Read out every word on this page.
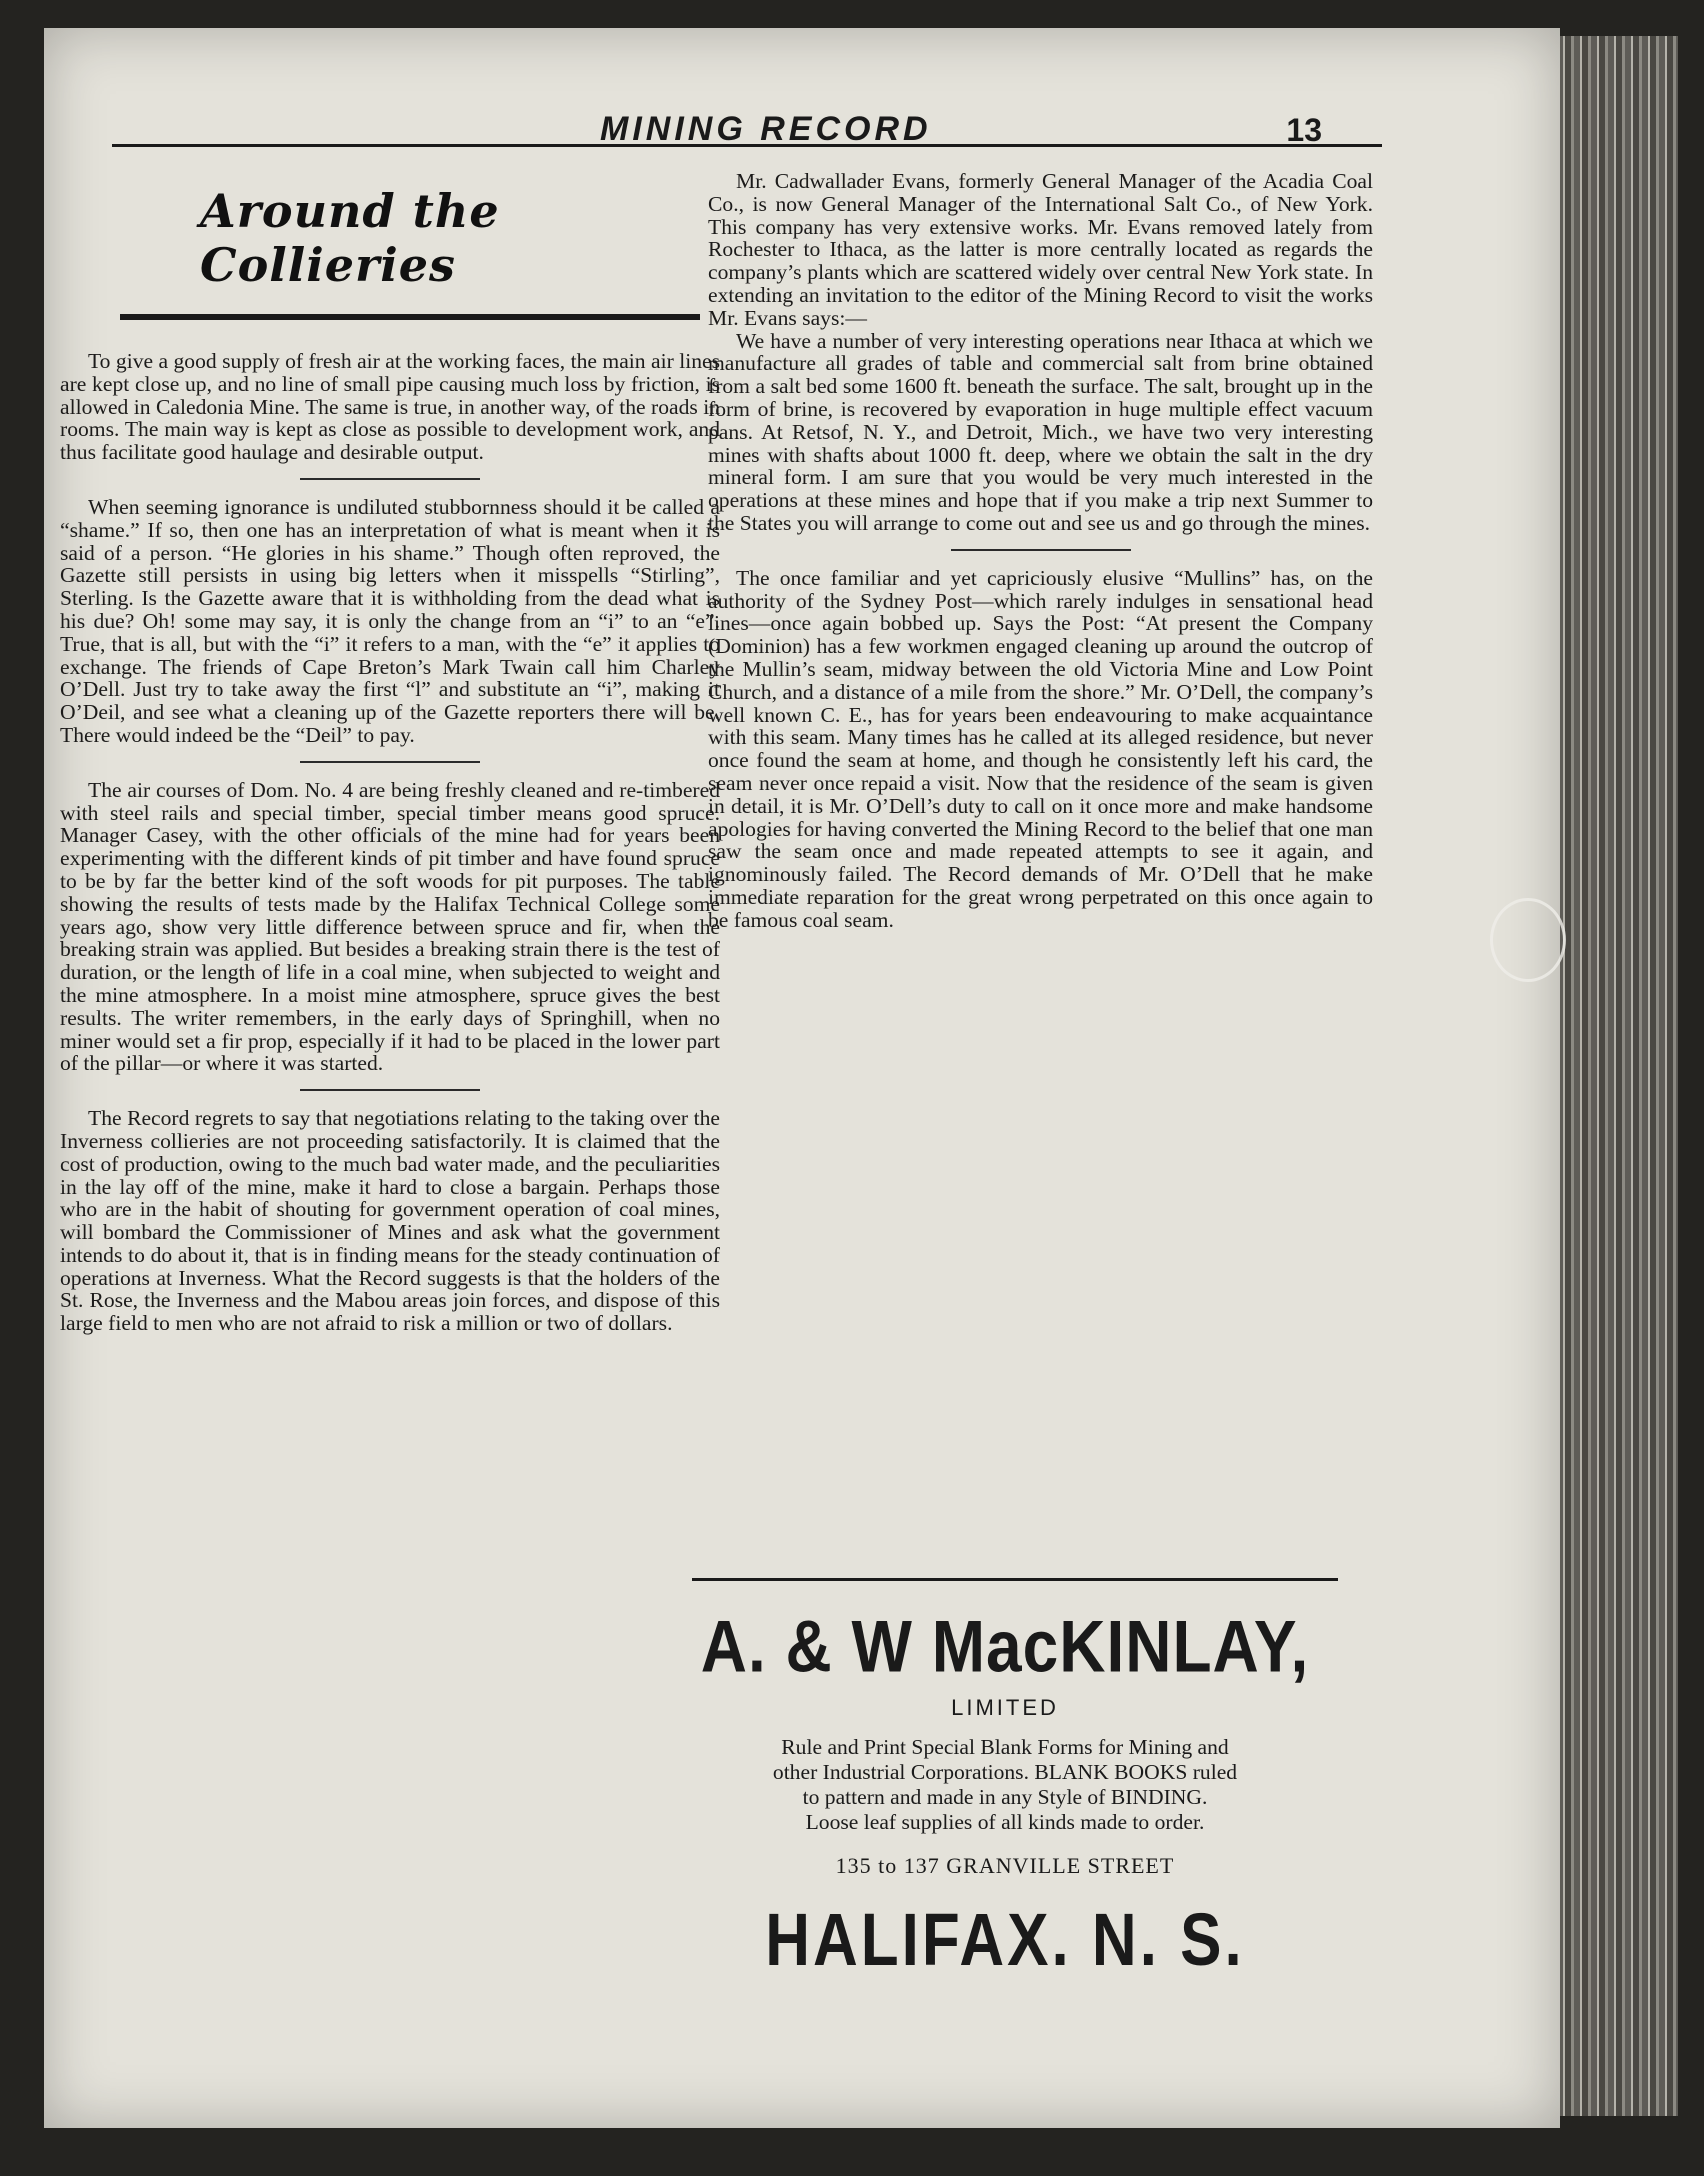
MINING RECORD	13
Around the Collieries

To give a good supply of fresh air at the working faces, the main air lines are kept close up, and no line of small pipe causing much loss by friction, is allowed in Caledonia Mine. The same is true, in another way, of the roads in rooms. The main way is kept as close as possible to development work, and thus facilitate good haulage and desirable output.

When seeming ignorance is undiluted stubbornness should it be called a “shame.” If so, then one has an interpretation of what is meant when it is said of a person. “He glories in his shame.” Though often reproved, the Gazette still persists in using big letters when it misspells “Stirling”, Sterling. Is the Gazette aware that it is withholding from the dead what is his due? Oh! some may say, it is only the change from an “i” to an “e”. True, that is all, but with the “i” it refers to a man, with the “e” it applies to exchange. The friends of Cape Breton’s Mark Twain call him Charley O’Dell. Just try to take away the first “l” and substitute an “i”, making it O’Deil, and see what a cleaning up of the Gazette reporters there will be. There would indeed be the “Deil” to pay.

The air courses of Dom. No. 4 are being freshly cleaned and re-timbered with steel rails and special timber, special timber means good spruce. Manager Casey, with the other officials of the mine had for years been experimenting with the different kinds of pit timber and have found spruce to be by far the better kind of the soft woods for pit purposes. The table showing the results of tests made by the Halifax Technical College some years ago, show very little difference between spruce and fir, when the breaking strain was applied. But besides a breaking strain there is the test of duration, or the length of life in a coal mine, when subjected to weight and the mine atmosphere. In a moist mine atmosphere, spruce gives the best results. The writer remembers, in the early days of Springhill, when no miner would set a fir prop, especially if it had to be placed in the lower part of the pillar—or where it was started.

The Record regrets to say that negotiations relating to the taking over the Inverness collieries are not proceeding satisfactorily. It is claimed that the cost of production, owing to the much bad water made, and the peculiarities in the lay off of the mine, make it hard to close a bargain. Perhaps those who are in the habit of shouting for government operation of coal mines, will bombard the Commissioner of Mines and ask what the government intends to do about it, that is in finding means for the steady continuation of operations at Inverness. What the Record suggests is that the holders of the St. Rose, the Inverness and the Mabou areas join forces, and dispose of this large field to men who are not afraid to risk a million or two of dollars.

Mr. Cadwallader Evans, formerly General Manager of the Acadia Coal Co., is now General Manager of the International Salt Co., of New York. This company has very extensive works. Mr. Evans removed lately from Rochester to Ithaca, as the latter is more centrally located as regards the company’s plants which are scattered widely over central New York state. In extending an invitation to the editor of the Mining Record to visit the works Mr. Evans says:—

We have a number of very interesting operations near Ithaca at which we manufacture all grades of table and commercial salt from brine obtained from a salt bed some 1600 ft. beneath the surface. The salt, brought up in the form of brine, is recovered by evaporation in huge multiple effect vacuum pans. At Retsof, N. Y., and Detroit, Mich., we have two very interesting mines with shafts about 1000 ft. deep, where we obtain the salt in the dry mineral form. I am sure that you would be very much interested in the operations at these mines and hope that if you make a trip next Summer to the States you will arrange to come out and see us and go through the mines.

The once familiar and yet capriciously elusive “Mullins” has, on the authority of the Sydney Post—which rarely indulges in sensational head lines—once again bobbed up. Says the Post: “At present the Company (Dominion) has a few workmen engaged cleaning up around the outcrop of the Mullin’s seam, midway between the old Victoria Mine and Low Point Church, and a distance of a mile from the shore.” Mr. O’Dell, the company’s well known C. E., has for years been endeavouring to make acquaintance with this seam. Many times has he called at its alleged residence, but never once found the seam at home, and though he consistently left his card, the seam never once repaid a visit. Now that the residence of the seam is given in detail, it is Mr. O’Dell’s duty to call on it once more and make handsome apologies for having converted the Mining Record to the belief that one man saw the seam once and made repeated attempts to see it again, and ignominously failed. The Record demands of Mr. O’Dell that he make immediate reparation for the great wrong perpetrated on this once again to be famous coal seam.

A. & W MacKINLAY,
LIMITED
Rule and Print Special Blank Forms for Mining and
other Industrial Corporations. BLANK BOOKS ruled
to pattern and made in any Style of BINDING.
Loose leaf supplies of all kinds made to order.
135 to 137 GRANVILLE STREET
HALIFAX. N. S.
